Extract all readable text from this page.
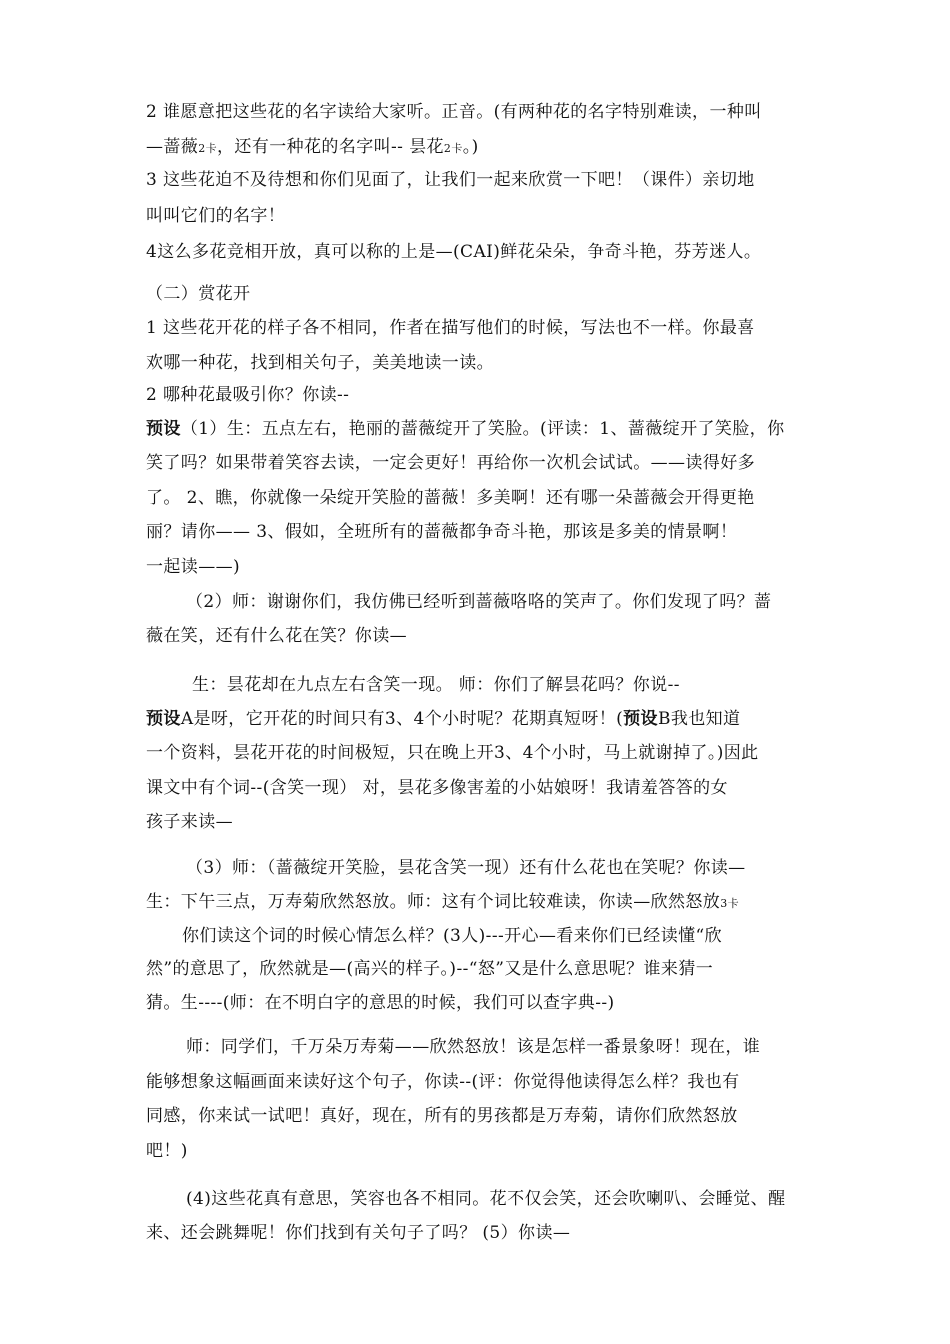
2 谁愿意把这些花的名字读给大家听。正音。(有两种花的名字特别难读，一种叫
—蔷薇2卡，还有一种花的名字叫-- 昙花2卡。)
3 这些花迫不及待想和你们见面了，让我们一起来欣赏一下吧！（课件）亲切地
叫叫它们的名字！
4这么多花竞相开放，真可以称的上是—(CAI)鲜花朵朵，争奇斗艳，芬芳迷人。
（二）赏花开
1 这些花开花的样子各不相同，作者在描写他们的时候，写法也不一样。你最喜
欢哪一种花，找到相关句子，美美地读一读。
2 哪种花最吸引你？你读--
预设（1）生：五点左右，艳丽的蔷薇绽开了笑脸。(评读：1、蔷薇绽开了笑脸，你
笑了吗？如果带着笑容去读，一定会更好！再给你一次机会试试。——读得好多
了。 2、瞧，你就像一朵绽开笑脸的蔷薇！多美啊！还有哪一朵蔷薇会开得更艳
丽？请你—— 3、假如，全班所有的蔷薇都争奇斗艳，那该是多美的情景啊！
一起读——)
（2）师：谢谢你们，我仿佛已经听到蔷薇咯咯的笑声了。你们发现了吗？蔷
薇在笑，还有什么花在笑？你读—
生：昙花却在九点左右含笑一现。 师：你们了解昙花吗？你说--
预设A是呀，它开花的时间只有3、4个小时呢？花期真短呀！(预设B我也知道
一个资料，昙花开花的时间极短，只在晚上开3、4个小时，马上就谢掉了。)因此
课文中有个词--(含笑一现） 对，昙花多像害羞的小姑娘呀！我请羞答答的女
孩子来读—
（3）师：（蔷薇绽开笑脸，昙花含笑一现）还有什么花也在笑呢？你读—
生：下午三点，万寿菊欣然怒放。师：这有个词比较难读，你读—欣然怒放3卡
你们读这个词的时候心情怎么样？(3人)---开心—看来你们已经读懂“欣
然”的意思了，欣然就是—(高兴的样子。)--“怒”又是什么意思呢？谁来猜一
猜。生----(师：在不明白字的意思的时候，我们可以查字典--)
师：同学们，千万朵万寿菊——欣然怒放！该是怎样一番景象呀！现在，谁
能够想象这幅画面来读好这个句子，你读--(评：你觉得他读得怎么样？我也有
同感，你来试一试吧！真好，现在，所有的男孩都是万寿菊，请你们欣然怒放
吧！)
(4)这些花真有意思，笑容也各不相同。花不仅会笑，还会吹喇叭、会睡觉、醒
来、还会跳舞呢！你们找到有关句子了吗？ (5）你读—
